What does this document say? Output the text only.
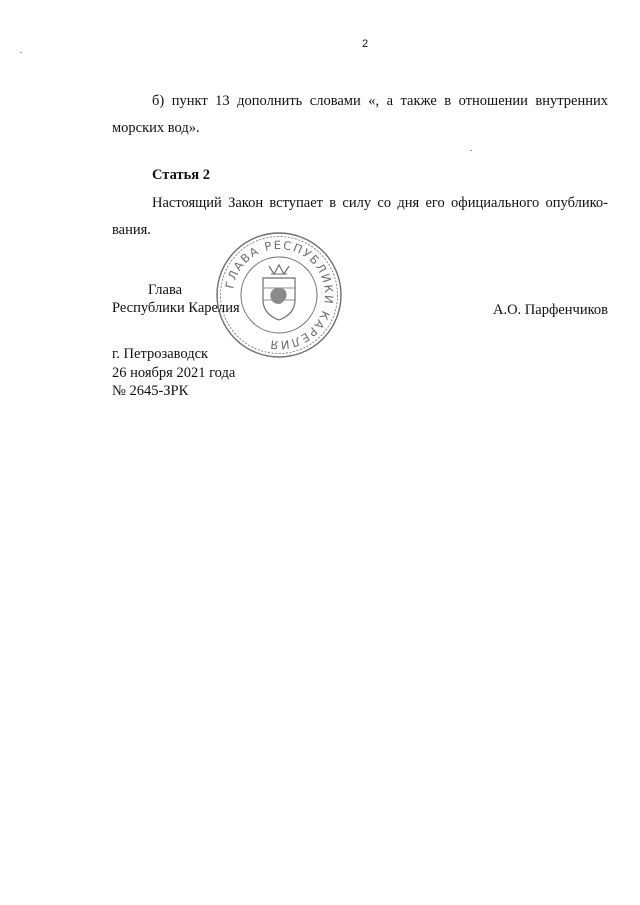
2

б) пункт 13 дополнить словами «, а также в отношении внутренних морских вод».

Статья 2

Настоящий Закон вступает в силу со дня его официального опублико-вания.

ГЛАВА РЕСПУБЛИКИ КАРЕЛИЯ
Глава
Республики Карелия	А.О. Парфенчиков
г. Петрозаводск
26 ноября 2021 года
№ 2645-ЗРК
